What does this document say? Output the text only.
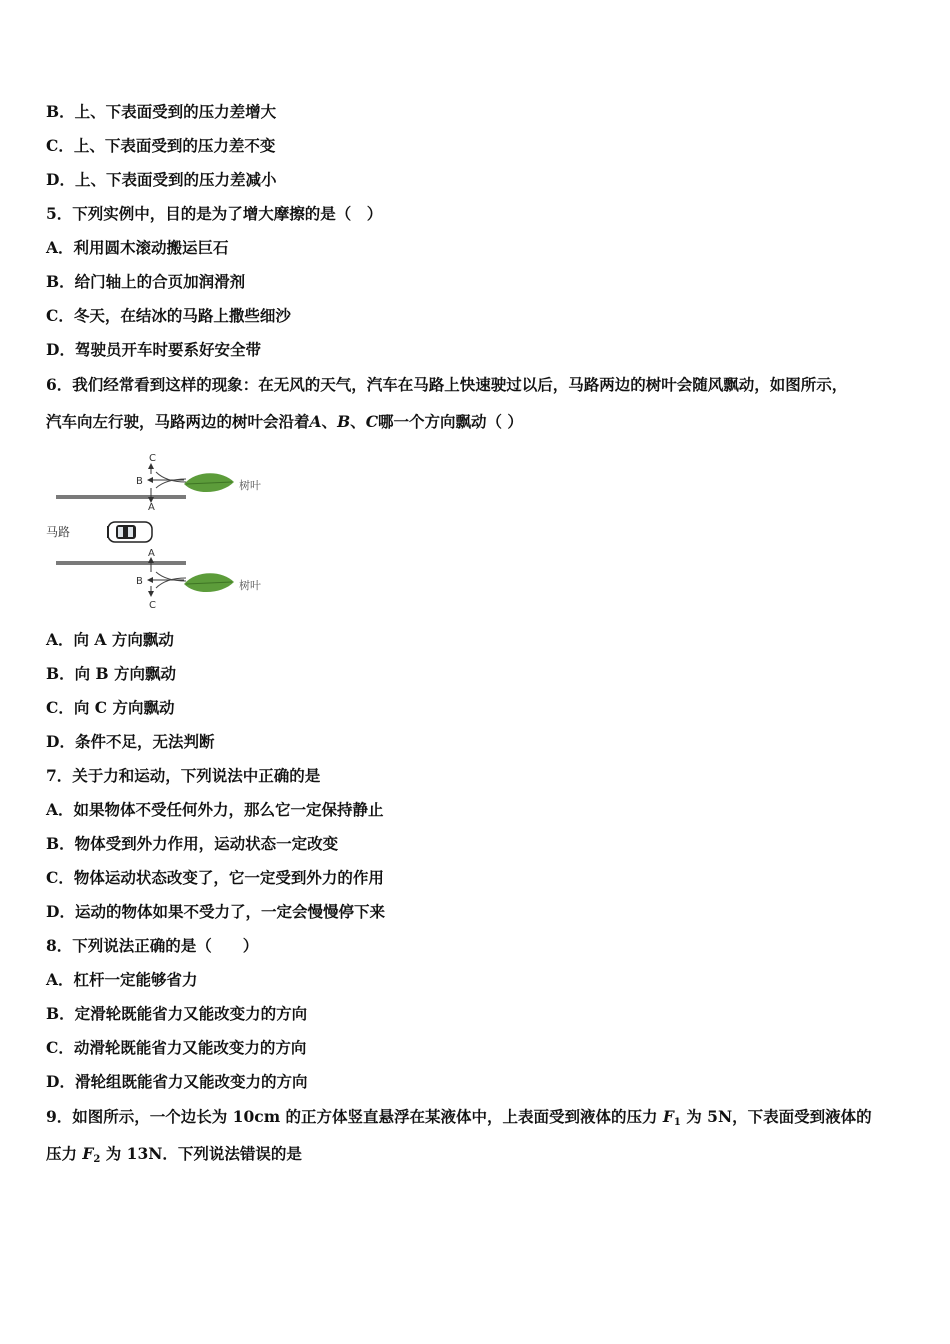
B．上、下表面受到的压力差增大
C．上、下表面受到的压力差不变
D．上、下表面受到的压力差减小
5．下列实例中，目的是为了增大摩擦的是（　）
A．利用圆木滚动搬运巨石
B．给门轴上的合页加润滑剂
C．冬天，在结冰的马路上撒些细沙
D．驾驶员开车时要系好安全带
6．我们经常看到这样的现象：在无风的天气，汽车在马路上快速驶过以后，马路两边的树叶会随风飘动，如图所示，
汽车向左行驶，马路两边的树叶会沿着A、B、C哪一个方向飘动（ ）
C
B
A
树叶
马路
A
B
C
树叶
A．向 A 方向飘动
B．向 B 方向飘动
C．向 C 方向飘动
D．条件不足，无法判断
7．关于力和运动，下列说法中正确的是
A．如果物体不受任何外力，那么它一定保持静止
B．物体受到外力作用，运动状态一定改变
C．物体运动状态改变了，它一定受到外力的作用
D．运动的物体如果不受力了，一定会慢慢停下来
8．下列说法正确的是（　　）
A．杠杆一定能够省力
B．定滑轮既能省力又能改变力的方向
C．动滑轮既能省力又能改变力的方向
D．滑轮组既能省力又能改变力的方向
9．如图所示，一个边长为 10cm 的正方体竖直悬浮在某液体中，上表面受到液体的压力 $F_1$ 为 5N，下表面受到液体的
压力 $F_2$ 为 13N．下列说法错误的是
